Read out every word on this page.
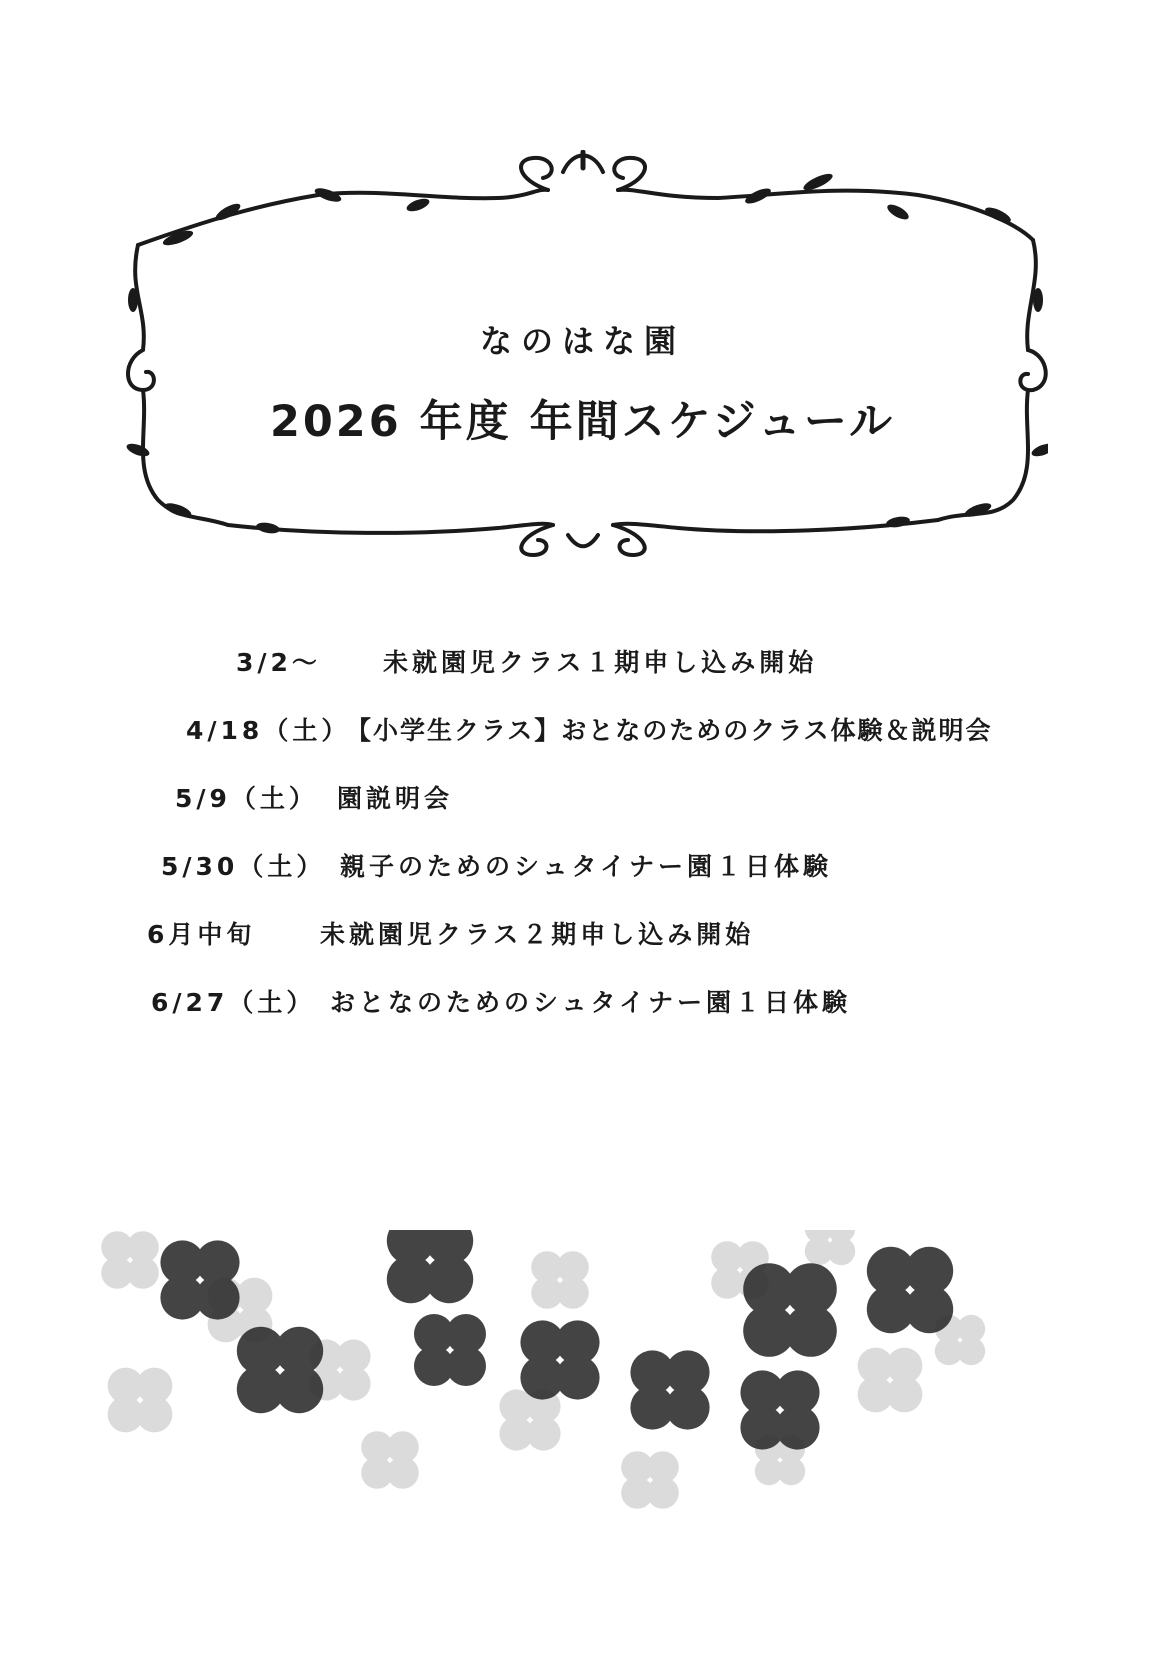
なのはな園
2026 年度 年間スケジュール
3/2～ 未就園児クラス１期申し込み開始
4/18（土）
【小学生クラス】おとなのためのクラス体験＆説明会
5/9（土） 園説明会
5/30（土） 親子のためのシュタイナー園１日体験
6月中旬	未就園児クラス２期申し込み開始
6/27（土） おとなのためのシュタイナー園１日体験
